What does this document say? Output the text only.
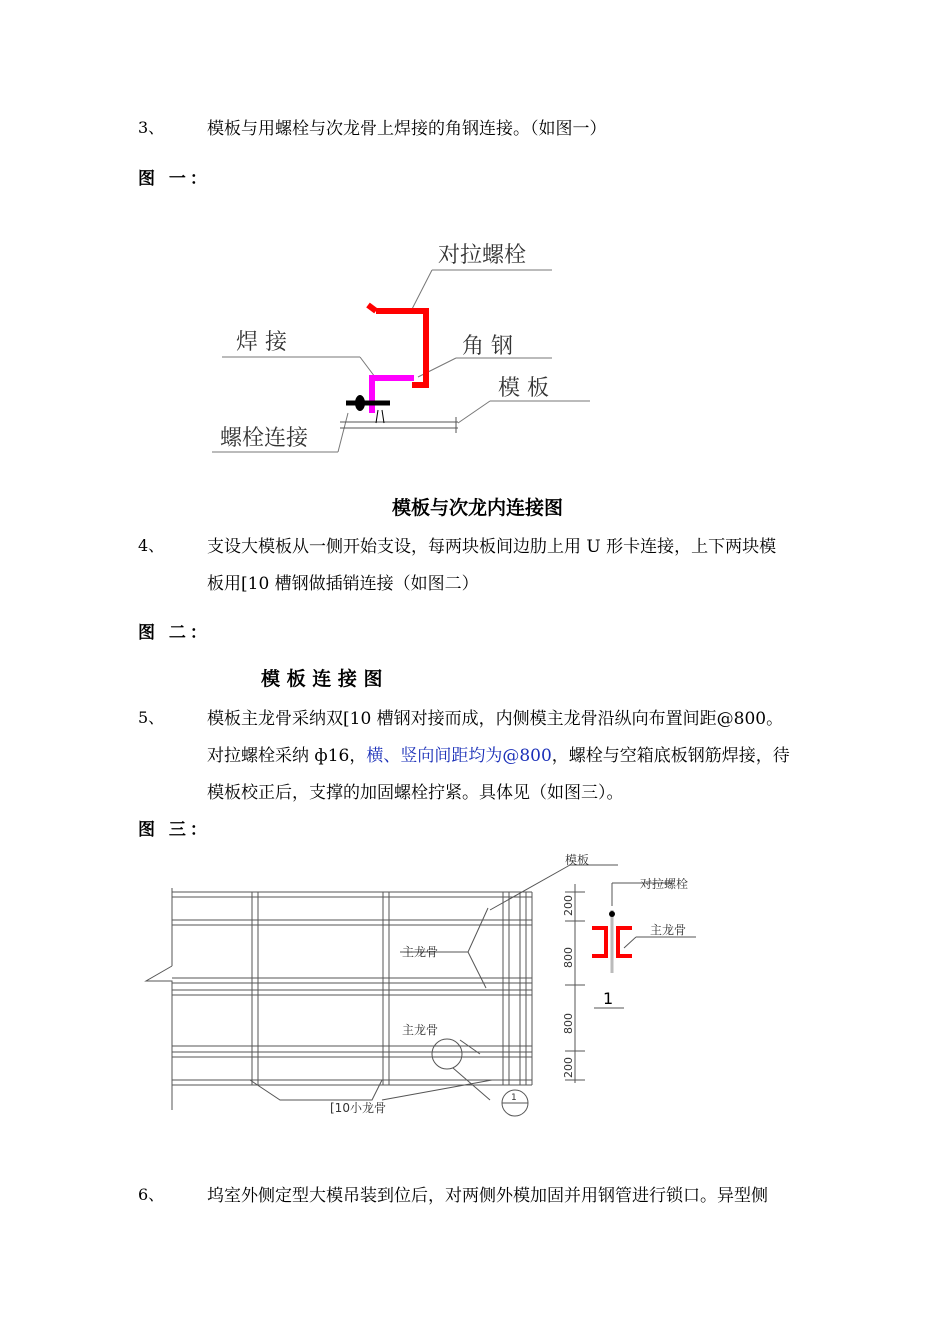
3、	模板与用螺栓与次龙骨上焊接的角钢连接。（如图一）
图 一：
对拉螺栓
焊 接	角 钢
模 板
螺栓连接
模板与次龙内连接图
4、	支设大模板从一侧开始支设，每两块板间边肋上用 U 形卡连接，上下两块模
板用[10 槽钢做插销连接（如图二）
图 二：
模 板 连 接 图
5、	模板主龙骨采纳双[10 槽钢对接而成，内侧模主龙骨沿纵向布置间距@800。
对拉螺栓采纳 ф16，横、竖向间距均为@800，螺栓与空箱底板钢筋焊接，待
模板校正后，支撑的加固螺栓拧紧。具体见（如图三）。
图 三：
模板
主龙骨
主龙骨
[10小龙骨
对拉螺栓
主龙骨
1
1
200
800
800
200
6、	坞室外侧定型大模吊装到位后，对两侧外模加固并用钢管进行锁口。异型侧
